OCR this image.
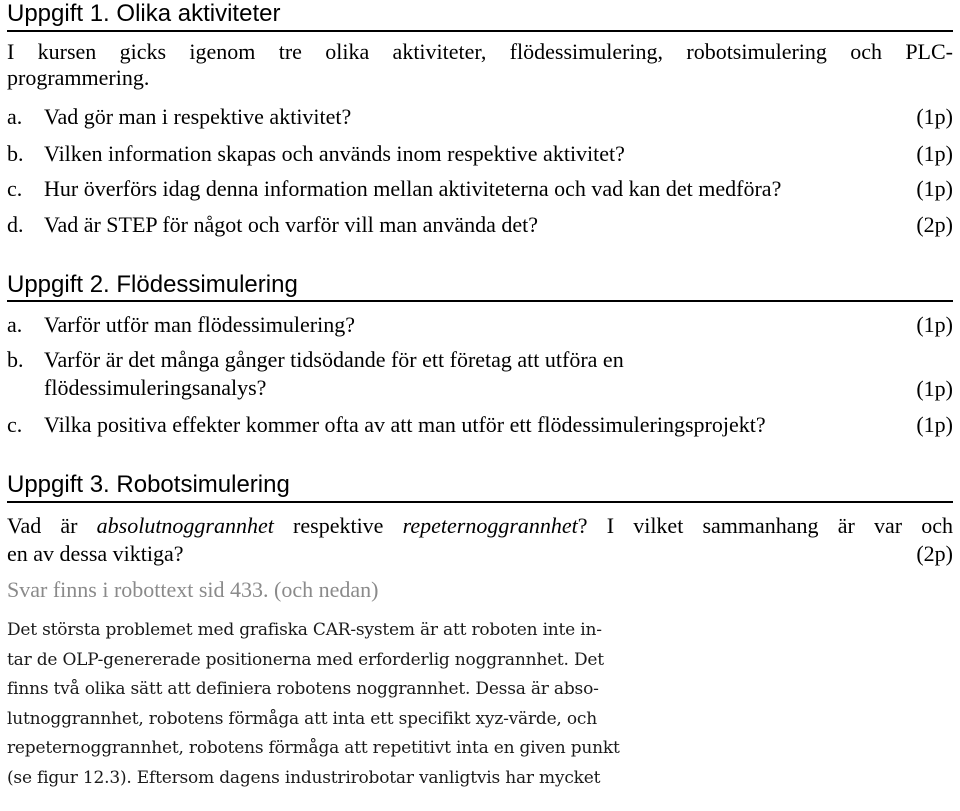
Uppgift 1. Olika aktiviteter
I kursen gicks igenom tre olika aktiviteter, flödessimulering, robotsimulering och PLC-
programmering.
a. Vad gör man i respektive aktivitet?	(1p)
b. Vilken information skapas och används inom respektive aktivitet?	(1p)
c. Hur överförs idag denna information mellan aktiviteterna och vad kan det medföra?	(1p)
d. Vad är STEP för något och varför vill man använda det?	(2p)
Uppgift 2. Flödessimulering
a. Varför utför man flödessimulering?	(1p)
b. Varför är det många gånger tidsödande för ett företag att utföra en
flödessimuleringsanalys?	(1p)
c. Vilka positiva effekter kommer ofta av att man utför ett flödessimuleringsprojekt?	(1p)
Uppgift 3. Robotsimulering
Vad är absolutnoggrannhet respektive repeternoggrannhet? I vilket sammanhang är var och
en av dessa viktiga?	(2p)
Svar finns i robottext sid 433. (och nedan)

Det största problemet med grafiska CAR-system är att roboten inte in-

tar de OLP-genererade positionerna med erforderlig noggrannhet. Det

finns två olika sätt att definiera robotens noggrannhet. Dessa är abso-

lutnoggrannhet, robotens förmåga att inta ett specifikt xyz-värde, och

repeternoggrannhet, robotens förmåga att repetitivt inta en given punkt

(se figur 12.3). Eftersom dagens industrirobotar vanligtvis har mycket
